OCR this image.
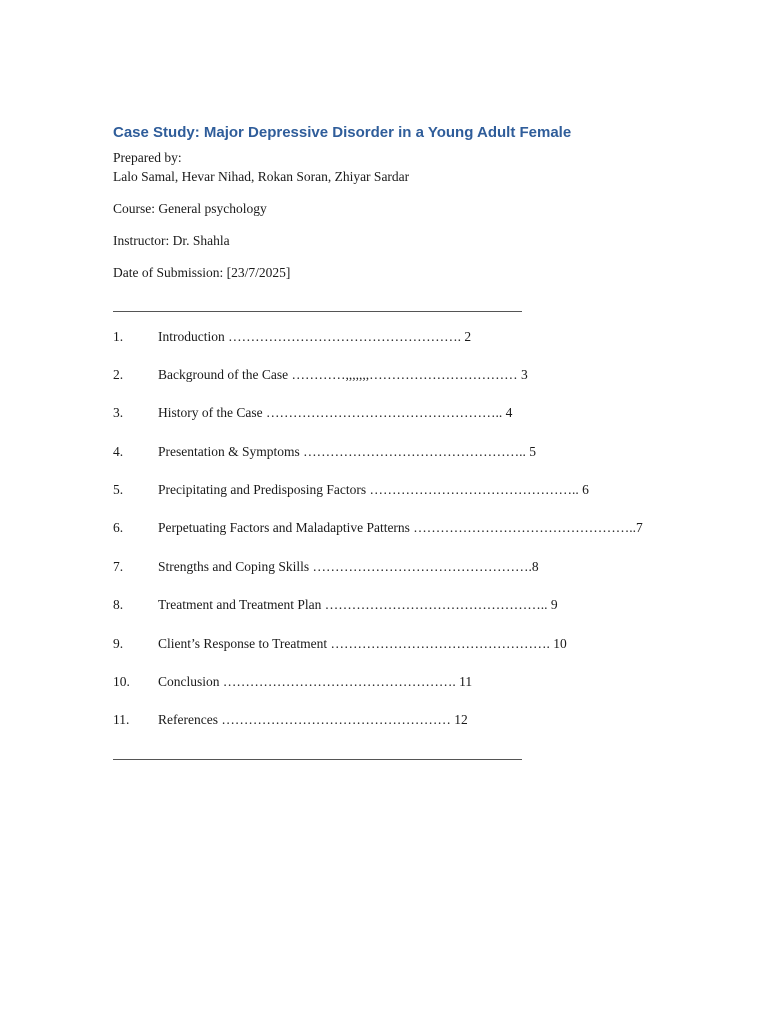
Case Study: Major Depressive Disorder in a Young Adult Female
Prepared by:
Lalo Samal, Hevar Nihad, Rokan Soran, Zhiyar Sardar
Course: General psychology
Instructor: Dr. Shahla
Date of Submission: [23/7/2025]
1.	Introduction ……………………………………………. 2
2.	Background of the Case …………,,,,,,,…………………………… 3
3.	History of the Case …………………………………………….. 4
4.	Presentation & Symptoms ………………………………………….. 5
5.	Precipitating and Predisposing Factors ……………………………………….. 6
6.	Perpetuating Factors and Maladaptive Patterns …………………………………………..7
7.	Strengths and Coping Skills ………………………………………….8
8.	Treatment and Treatment Plan ………………………………………….. 9
9.	Client’s Response to Treatment …………………………………………. 10
10. Conclusion ……………………………………………. 11
11. References …………………………………………… 12
